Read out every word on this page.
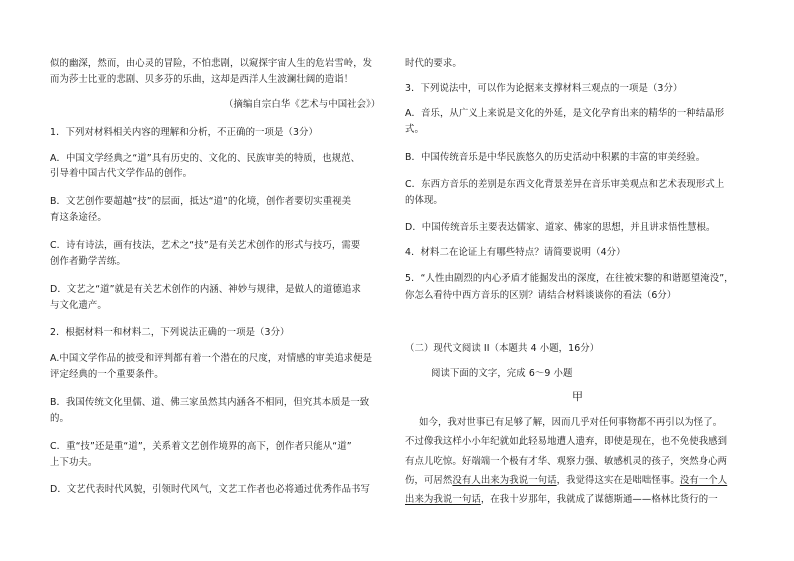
似的幽深，然而，由心灵的冒险，不怕悲剧，以窥探宇宙人生的危岩雪岭，发
而为莎士比亚的悲剧、贝多芬的乐曲，这却是西洋人生波澜壮阔的造诣！
（摘编自宗白华《艺术与中国社会》）
1．下列对材料相关内容的理解和分析，不正确的一项是（3分）
A．中国文学经典之“道”具有历史的、文化的、民族审美的特质，也规范、
引导着中国古代文学作品的创作。
B．文艺创作要超越“技”的层面，抵达“道”的化境，创作者要切实重视美
育这条途径。
C．诗有诗法，画有技法，艺术之“技”是有关艺术创作的形式与技巧，需要
创作者勤学苦练。
D．文艺之“道”就是有关艺术创作的内涵、神妙与规律，是做人的道德追求
与文化遗产。
2．根据材料一和材料二，下列说法正确的一项是（3分）
A.中国文学作品的披受和评判都有着一个潜在的尺度，对情感的审美追求便是
评定经典的一个重要条件。
B．我国传统文化里儒、道、佛三家虽然其内涵各不相同，但究其本质是一致
的。
C．重“技”还是重“道”，关系着文艺创作境界的高下，创作者只能从“道”
上下功夫。
D．文艺代表时代风貌，引领时代风气，文艺工作者也必将通过优秀作品书写
时代的要求。
3．下列说法中，可以作为论据来支撑材料三观点的一项是（3分）
A．音乐，从广义上来说是文化的外延，是文化孕育出来的精华的一种结晶形
式。
B．中国传统音乐是中华民族悠久的历史活动中积累的丰富的审美经验。
C．东西方音乐的差别是东西文化背景差异在音乐审美观点和艺术表现形式上
的体现。
D．中国传统音乐主要表达儒家、道家、佛家的思想，并且讲求悟性慧根。
4．材料二在论证上有哪些特点？请简要说明（4分）
5．“人性由剧烈的内心矛盾才能掘发出的深度，在往被宋黎的和谐愿望淹没”，
你怎么看待中西方音乐的区别？请结合材料谈谈你的看法（6分）
（二）现代文阅读 II（本题共 4 小题，16分）
阅读下面的文字，完成 6～9 小题
甲
如今，我对世事已有足够了解，因而几乎对任何事物都不再引以为怪了。
不过像我这样小小年纪就如此轻易地遭人遗弃，即使是现在，也不免使我感到
有点儿吃惊。好端端一个极有才华、观察力强、敏感机灵的孩子，突然身心两
伤，可居然没有人出来为我说一句话，我觉得这实在是咄咄怪事。没有一个人
出来为我说一句话，在我十岁那年，我就成了谋德斯通——格林比货行的一
